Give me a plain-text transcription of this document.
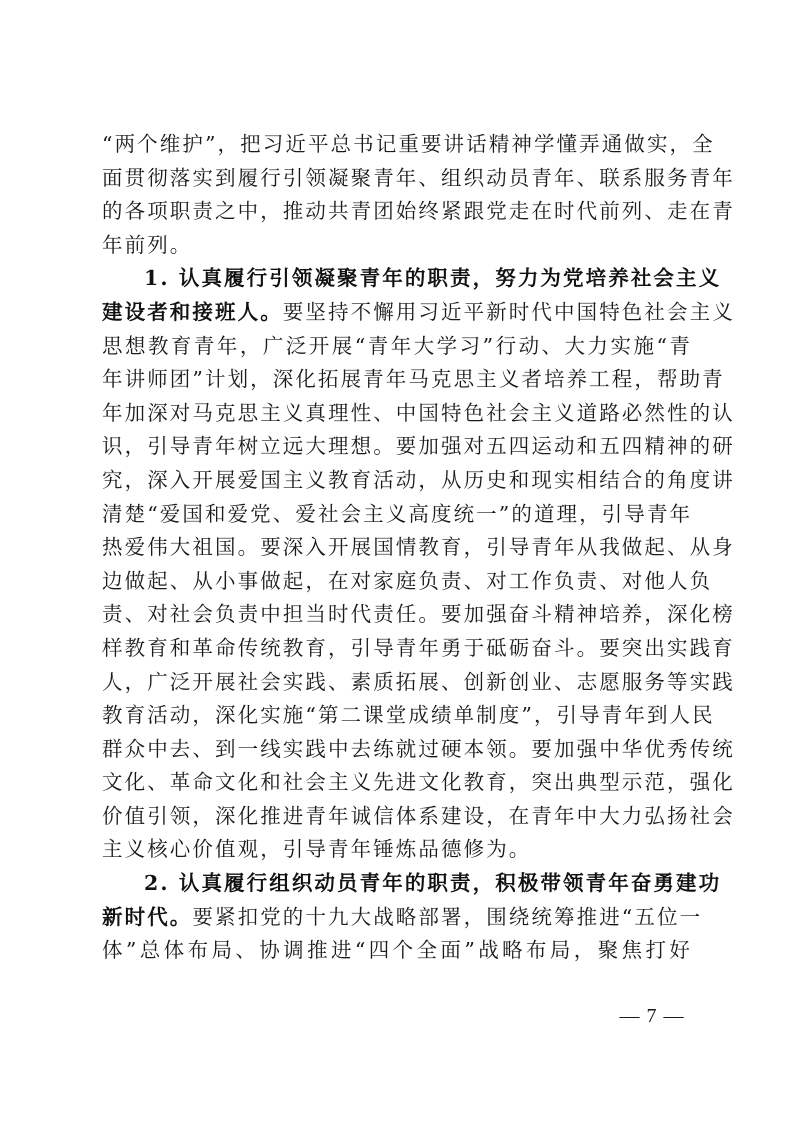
“两个维护”，把习近平总书记重要讲话精神学懂弄通做实，全
面贯彻落实到履行引领凝聚青年、组织动员青年、联系服务青年
的各项职责之中，推动共青团始终紧跟党走在时代前列、走在青
年前列。
1. 认真履行引领凝聚青年的职责，努力为党培养社会主义
建设者和接班人。要坚持不懈用习近平新时代中国特色社会主义
思想教育青年，广泛开展“青年大学习”行动、大力实施“青
年讲师团”计划，深化拓展青年马克思主义者培养工程，帮助青
年加深对马克思主义真理性、中国特色社会主义道路必然性的认
识，引导青年树立远大理想。要加强对五四运动和五四精神的研
究，深入开展爱国主义教育活动，从历史和现实相结合的角度讲
清楚“爱国和爱党、爱社会主义高度统一”的道理，引导青年
热爱伟大祖国。要深入开展国情教育，引导青年从我做起、从身
边做起、从小事做起，在对家庭负责、对工作负责、对他人负
责、对社会负责中担当时代责任。要加强奋斗精神培养，深化榜
样教育和革命传统教育，引导青年勇于砥砺奋斗。要突出实践育
人，广泛开展社会实践、素质拓展、创新创业、志愿服务等实践
教育活动，深化实施“第二课堂成绩单制度”，引导青年到人民
群众中去、到一线实践中去练就过硬本领。要加强中华优秀传统
文化、革命文化和社会主义先进文化教育，突出典型示范，强化
价值引领，深化推进青年诚信体系建设，在青年中大力弘扬社会
主义核心价值观，引导青年锤炼品德修为。
2. 认真履行组织动员青年的职责，积极带领青年奋勇建功
新时代。要紧扣党的十九大战略部署，围绕统筹推进“五位一
体”总体布局、协调推进“四个全面”战略布局，聚焦打好
— 7 —
